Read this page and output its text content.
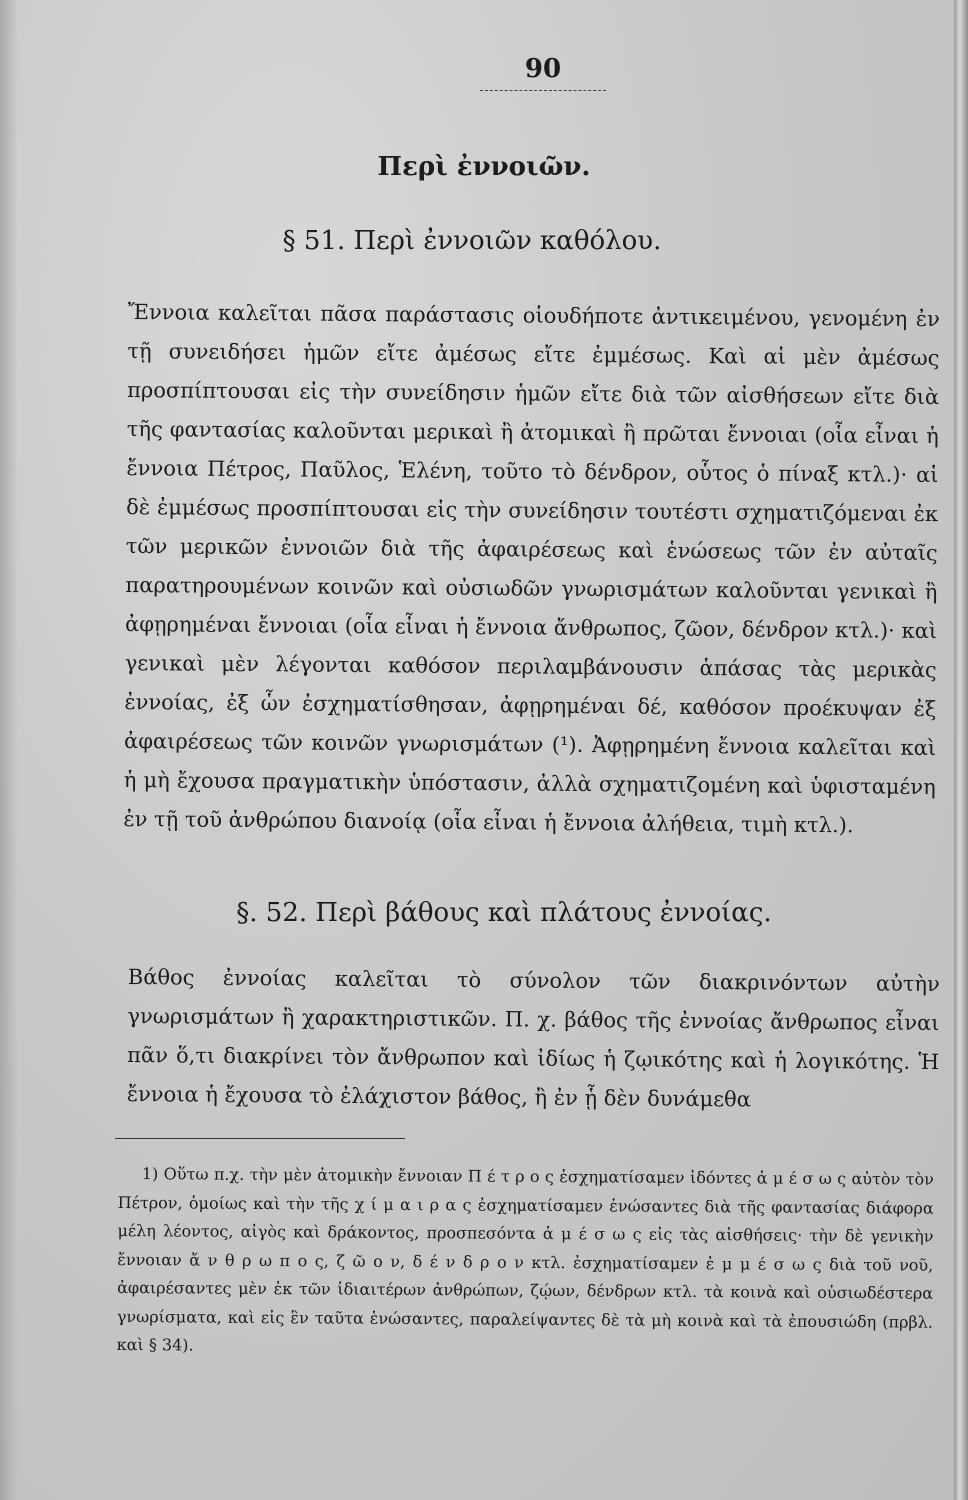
90
Περὶ ἐννοιῶν.
§ 51. Περὶ ἐννοιῶν καθόλου.

Ἔννοια καλεῖται πᾶσα παράστασις οἱουδήποτε ἀντικειμένου, γενομένη ἐν τῇ συνειδήσει ἡμῶν εἴτε ἀμέσως εἴτε ἐμμέσως. Καὶ αἱ μὲν ἀμέσως προσπίπτουσαι εἰς τὴν συνείδησιν ἡμῶν εἴτε διὰ τῶν αἰσθήσεων εἴτε διὰ τῆς φαντασίας καλοῦνται μερικαὶ ἢ ἀτομικαὶ ἢ πρῶται ἔννοιαι (οἷα εἶναι ἡ ἔννοια Πέτρος, Παῦλος, Ἑλένη, τοῦτο τὸ δένδρον, οὗτος ὁ πίναξ κτλ.)· αἱ δὲ ἐμμέσως προσπίπτουσαι εἰς τὴν συνείδησιν τουτέστι σχηματιζόμεναι ἐκ τῶν μερικῶν ἐννοιῶν διὰ τῆς ἀφαιρέσεως καὶ ἑνώσεως τῶν ἐν αὐταῖς παρατηρουμένων κοινῶν καὶ οὐσιωδῶν γνωρισμάτων καλοῦνται γενικαὶ ἢ ἀφῃρημέναι ἔννοιαι (οἷα εἶναι ἡ ἔννοια ἄνθρωπος, ζῶον, δένδρον κτλ.)· καὶ γενικαὶ μὲν λέγονται καθόσον περιλαμβάνουσιν ἁπάσας τὰς μερικὰς ἐννοίας, ἐξ ὧν ἐσχηματίσθησαν, ἀφῃρημέναι δέ, καθόσον προέκυψαν ἐξ ἀφαιρέσεως τῶν κοινῶν γνωρισμάτων (¹). Ἀφῃρημένη ἔννοια καλεῖται καὶ ἡ μὴ ἔχουσα πραγματικὴν ὑπόστασιν, ἀλλὰ σχηματιζομένη καὶ ὑφισταμένη ἐν τῇ τοῦ ἀνθρώπου διανοίᾳ (οἷα εἶναι ἡ ἔννοια ἀλήθεια, τιμὴ κτλ.).

§. 52. Περὶ βάθους καὶ πλάτους ἐννοίας.

Βάθος ἐννοίας καλεῖται τὸ σύνολον τῶν διακρινόντων αὐτὴν γνωρισμάτων ἢ χαρακτηριστικῶν. Π. χ. βάθος τῆς ἐννοίας ἄνθρωπος εἶναι πᾶν ὅ,τι διακρίνει τὸν ἄνθρωπον καὶ ἰδίως ἡ ζῳικότης καὶ ἡ λογικότης. Ἡ ἔννοια ἡ ἔχουσα τὸ ἐλάχιστον βάθος, ἢ ἐν ᾗ δὲν δυνάμεθα

1) Οὕτω π.χ. τὴν μὲν ἀτομικὴν ἔννοιαν Π έ τ ρ ο ς ἐσχηματίσαμεν ἰδόντες ἀ μ έ σ ω ς αὐτὸν τὸν Πέτρον, ὁμοίως καὶ τὴν τῆς χ ί μ α ι ρ α ς ἐσχηματίσαμεν ἑνώσαντες διὰ τῆς φαντασίας διάφορα μέλη λέοντος, αἰγὸς καὶ δράκοντος, προσπεσόντα ἀ μ έ σ ω ς εἰς τὰς αἰσθήσεις· τὴν δὲ γενικὴν ἔννοιαν ἄ ν θ ρ ω π ο ς, ζ ῶ ο ν, δ έ ν δ ρ ο ν κτλ. ἐσχηματίσαμεν ἐ μ μ έ σ ω ς διὰ τοῦ νοῦ, ἀφαιρέσαντες μὲν ἐκ τῶν ἰδιαιτέρων ἀνθρώπων, ζῴων, δένδρων κτλ. τὰ κοινὰ καὶ οὐσιωδέστερα γνωρίσματα, καὶ εἰς ἓν ταῦτα ἑνώσαντες, παραλείψαντες δὲ τὰ μὴ κοινὰ καὶ τὰ ἐπουσιώδη (πρβλ. καὶ § 34).
